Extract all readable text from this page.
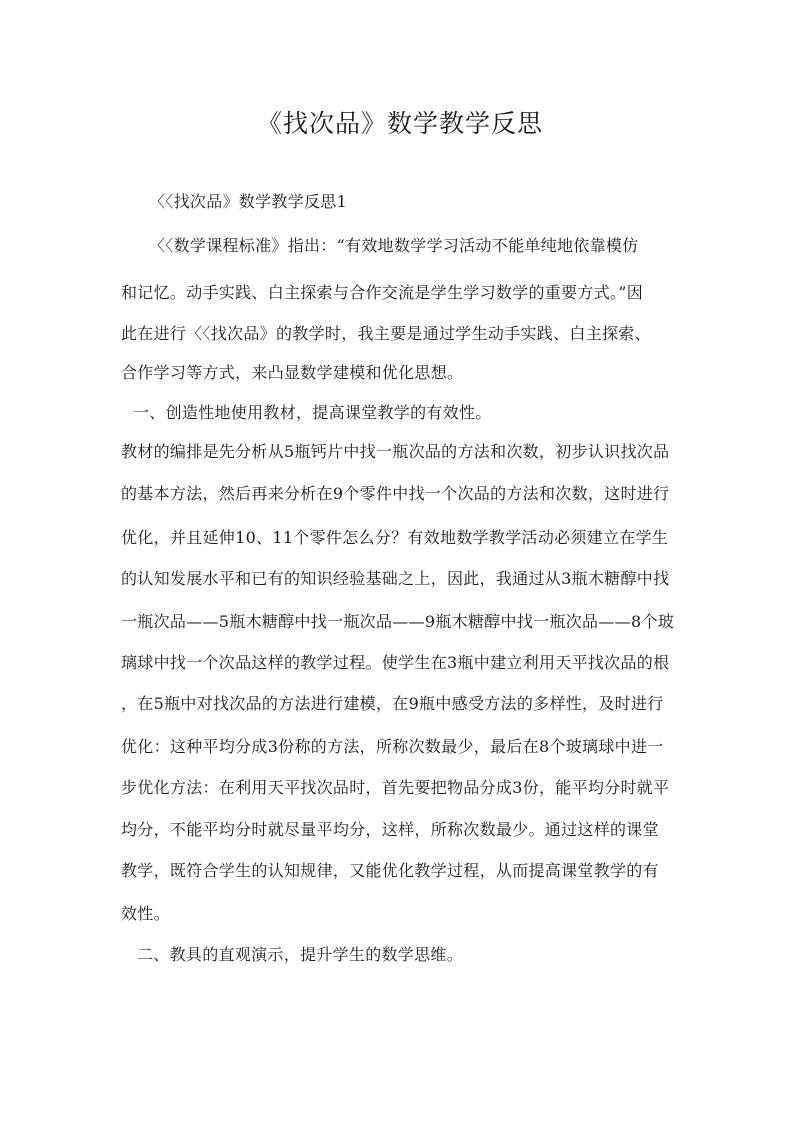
《找次品》数学教学反思
〈〈找次品》数学教学反思1
〈〈数学课程标准》指出：“有效地数学学习活动不能单纯地依靠模仿
和记忆。动手实践、白主探索与合作交流是学生学习数学的重要方式。”因
此在进行〈〈找次品》的教学时，我主要是通过学生动手实践、白主探索、
合作学习等方式，来凸显数学建模和优化思想。
一、创造性地使用教材，提高课堂教学的有效性。
教材的编排是先分析从5瓶钙片中找一瓶次品的方法和次数，初步认识找次品
的基本方法，然后再来分析在9个零件中找一个次品的方法和次数，这时进行
优化，并且延伸10、11个零件怎么分？有效地数学教学活动必须建立在学生
的认知发展水平和已有的知识经验基础之上，因此，我通过从3瓶木糖醇中找
一瓶次品——5瓶木糖醇中找一瓶次品——9瓶木糖醇中找一瓶次品——8个玻
璃球中找一个次品这样的教学过程。使学生在3瓶中建立利用天平找次品的根
，在5瓶中对找次品的方法进行建模，在9瓶中感受方法的多样性，及时进行
优化：这种平均分成3份称的方法，所称次数最少，最后在8个玻璃球中进一
步优化方法：在利用天平找次品时，首先要把物品分成3份，能平均分时就平
均分，不能平均分时就尽量平均分，这样，所称次数最少。通过这样的课堂
教学，既符合学生的认知规律，又能优化教学过程，从而提高课堂教学的有
效性。
二、教具的直观演示，提升学生的数学思维。
